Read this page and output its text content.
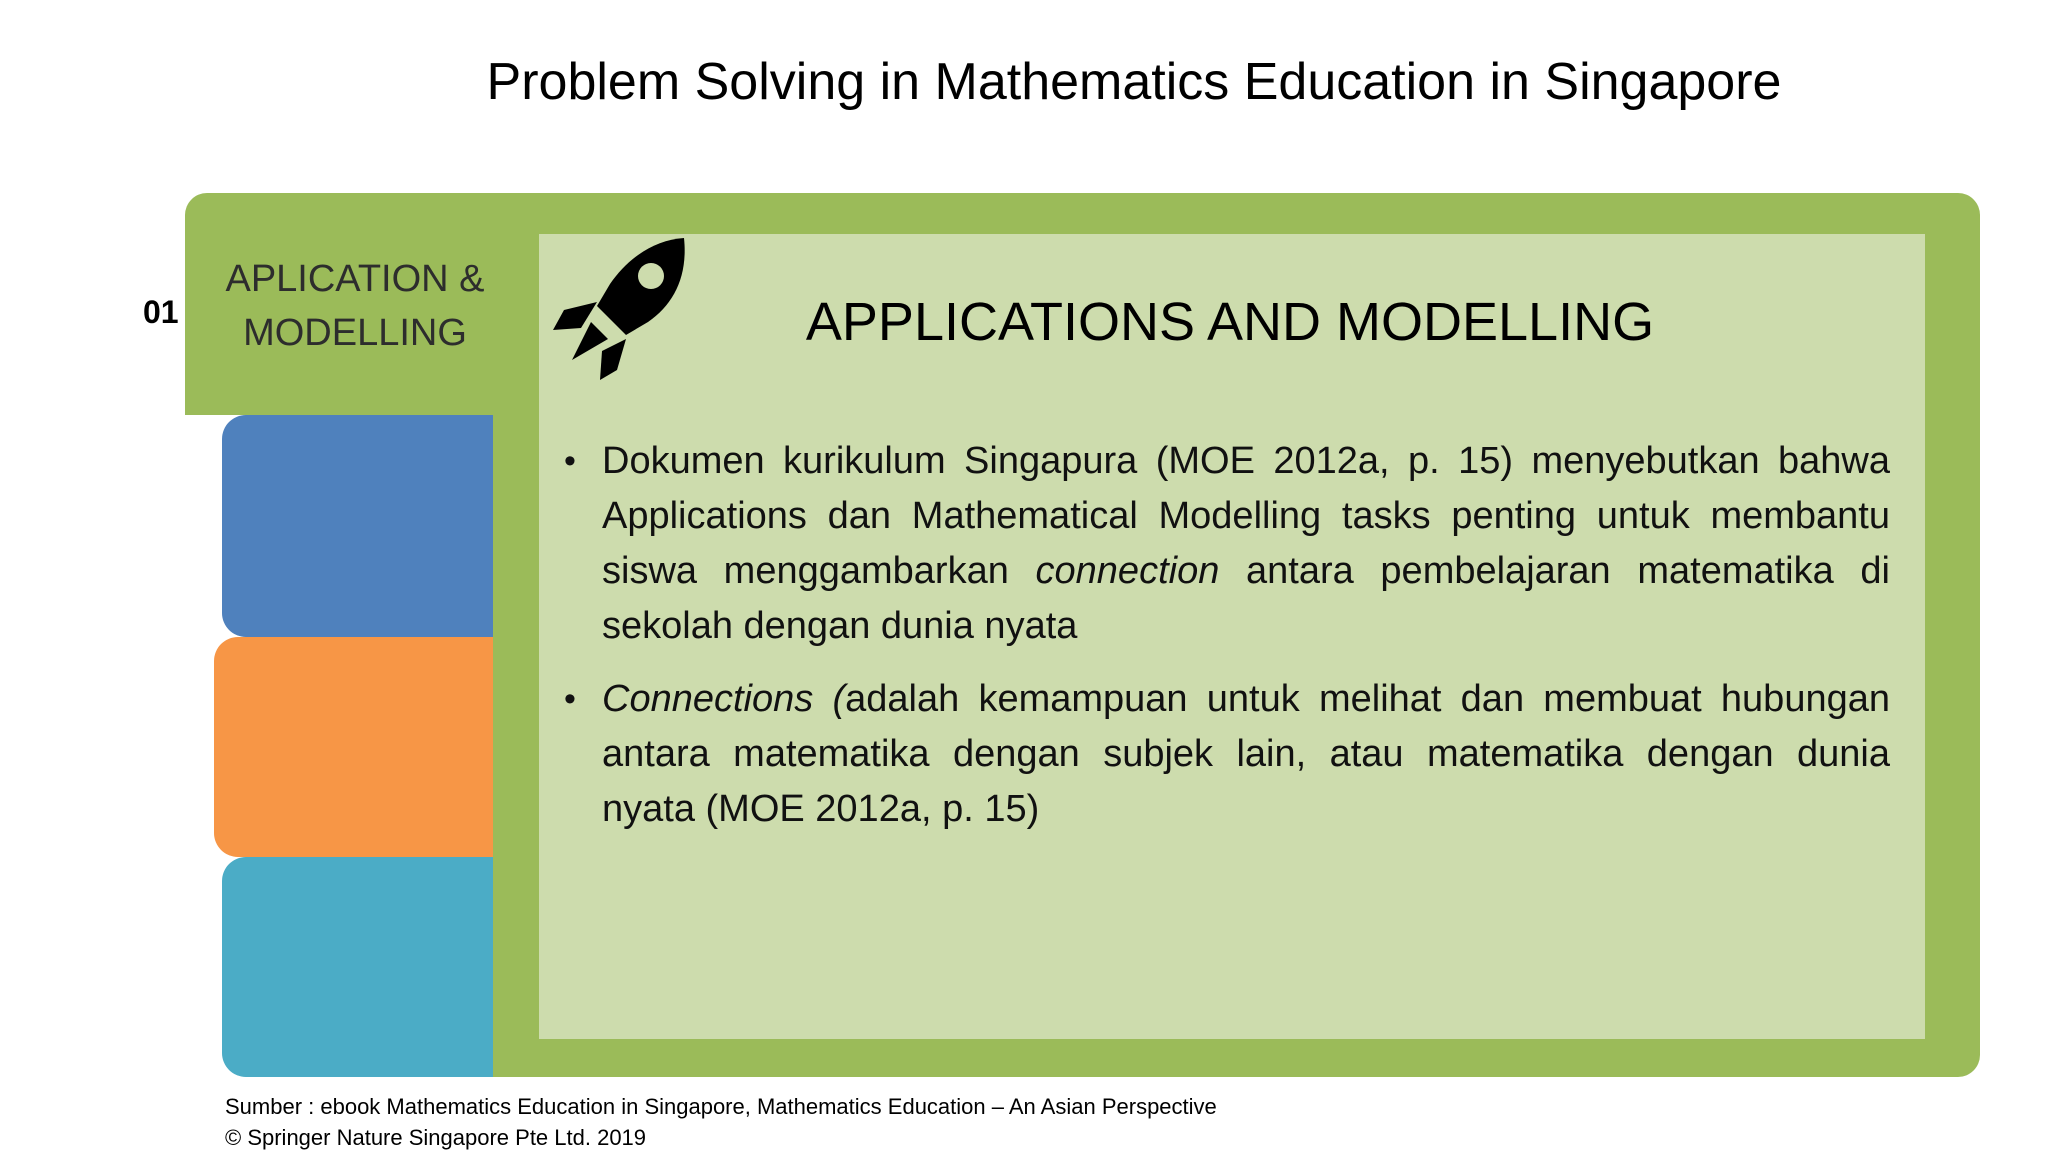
Problem Solving in Mathematics Education in Singapore
01
APLICATION &
MODELLING	APPLICATIONS AND MODELLING
• Dokumen kurikulum Singapura (MOE 2012a, p. 15) menyebutkan bahwa Applications dan Mathematical Modelling tasks penting untuk membantu siswa menggambarkan connection antara pembelajaran matematika di sekolah dengan dunia nyata
• Connections (adalah kemampuan untuk melihat dan membuat hubungan antara matematika dengan subjek lain, atau matematika dengan dunia nyata (MOE 2012a, p. 15)
Sumber : ebook Mathematics Education in Singapore, Mathematics Education – An Asian Perspective
© Springer Nature Singapore Pte Ltd. 2019
